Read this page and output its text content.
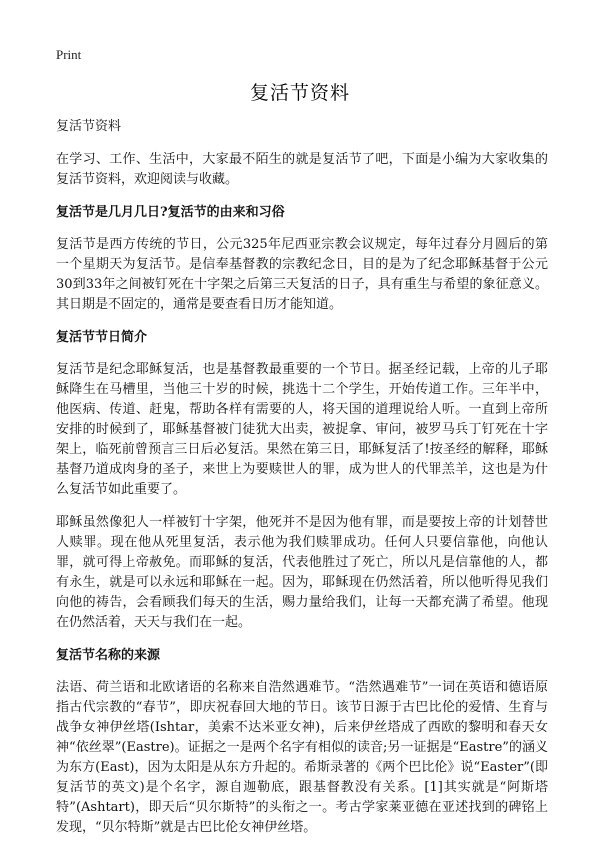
Print
复活节资料

复活节资料

在学习、工作、生活中，大家最不陌生的就是复活节了吧，下面是小编为大家收集的复活节资料，欢迎阅读与收藏。

复活节是几月几日?复活节的由来和习俗

复活节是西方传统的节日，公元325年尼西亚宗教会议规定，每年过春分月圆后的第一个星期天为复活节。是信奉基督教的宗教纪念日，目的是为了纪念耶稣基督于公元30到33年之间被钉死在十字架之后第三天复活的日子，具有重生与希望的象征意义。其日期是不固定的，通常是要查看日历才能知道。

复活节节日简介

复活节是纪念耶稣复活，也是基督教最重要的一个节日。据圣经记载，上帝的儿子耶稣降生在马槽里，当他三十岁的时候，挑选十二个学生，开始传道工作。三年半中，他医病、传道、赶鬼，帮助各样有需要的人，将天国的道理说给人听。一直到上帝所安排的时候到了，耶稣基督被门徒犹大出卖，被捉拿、审问，被罗马兵丁钉死在十字架上，临死前曾预言三日后必复活。果然在第三日，耶稣复活了!按圣经的解释，耶稣基督乃道成肉身的圣子，来世上为要赎世人的罪，成为世人的代罪羔羊，这也是为什么复活节如此重要了。

耶稣虽然像犯人一样被钉十字架，他死并不是因为他有罪，而是要按上帝的计划替世人赎罪。现在他从死里复活，表示他为我们赎罪成功。任何人只要信靠他，向他认罪，就可得上帝赦免。而耶稣的复活，代表他胜过了死亡，所以凡是信靠他的人，都有永生，就是可以永远和耶稣在一起。因为，耶稣现在仍然活着，所以他听得见我们向他的祷告，会看顾我们每天的生活，赐力量给我们，让每一天都充满了希望。他现在仍然活着，天天与我们在一起。

复活节名称的来源

法语、荷兰语和北欧诸语的名称来自浩然遇难节。“浩然遇难节”一词在英语和德语原指古代宗教的“春节”，即庆祝春回大地的节日。该节日源于古巴比伦的爱情、生育与战争女神伊丝塔(Ishtar，美索不达米亚女神)，后来伊丝塔成了西欧的黎明和春天女神“依丝翠”(Eastre)。证据之一是两个名字有相似的读音;另一证据是“Eastre”的涵义为东方(East)，因为太阳是从东方升起的。希斯录著的《两个巴比伦》说“Easter”(即复活节的英文)是个名字，源自迦勒底，跟基督教没有关系。[1]其实就是“阿斯塔特”(Ashtart)，即天后“贝尔斯特”的头衔之一。考古学家莱亚德在亚述找到的碑铭上发现，“贝尔特斯”就是古巴比伦女神伊丝塔。
